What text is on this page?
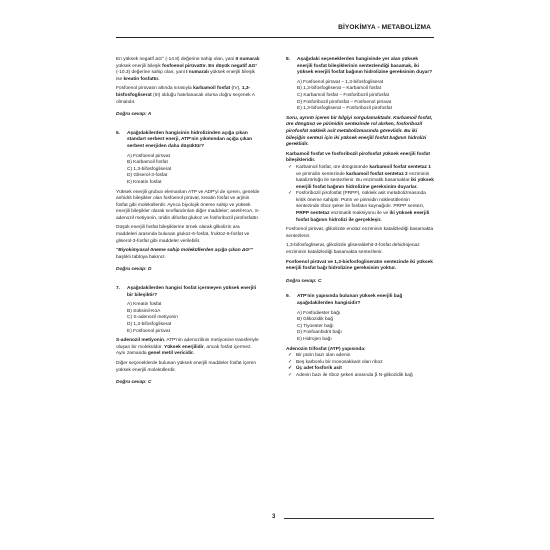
BİYOKİMYA - METABOLİZMA

En yüksek negatif ΔG° (-14.8) değerine sahip olan, yani II numaralı yüksek enerjili bileşik fosfoenol pirüvattır. En düşük negatif ΔG° (-10.3) değerine sahip olan, yani I numaralı yüksek enerjili bileşik ise kreatin fosfattır.

Fosfoenol pirüvatın altında sırasıyla karbamoil fosfat (IV), 1,3-bisfosfogliserat (III) olduğu hatırlanacak olursa doğru seçenek A olmalıdır.

Doğru cevap: A

6.	Aşağıdakilerden hangisinin hidrolizinden açığa çıkan standart serbest enerji, ATP'nin yıkımından açığa çıkan serbest enerjiden daha düşüktür?

A) Fosfoenol pirüvat

B) Karbamoil fosfat

C) 1,3-bifosfogliserat

D) Gliserol-3-fosfat

E) Kreatin fosfat

Yüksek enerjili grubun elemanları ATP ve ADP'yi de içeren, genelde anhidrit bileşikler olan fosfoenol pirüvat, kreatin fosfat ve arjinin fosfat gibi moleküllerdir. Ayrıca biyolojik öneme sahip ve yüksek enerjili bileşikler olarak sınıflandırılan diğer maddeler; asetil-KoA, S-adenozil metiyonin, üridin difosfat glukoz ve fosforibozil pirofosfattır.

Düşük enerjili fosfat bileşiklerine örnek olarak glikolizin ara maddeleri arasında bulunan glukoz-6-fosfat, fruktoz-6-fosfat ve gliserol-3-fosfat gibi maddeler verilebilir.

"Biyokimyasal öneme sahip moleküllerden açığa çıkan ΔG°" başlıklı tabloya bakınız.

Doğru cevap: D

7.	Aşağıdakilerden hangisi fosfat içermeyen yüksek enerjili bir bileşiktir?

A) Kreatin fosfat

B) Süksinil-KoA

C) S-adenozil metiyonin

D) 1,3-bifosfogliserat

E) Fosfoenol pirüvat

S-adenozil metiyonin, ATP'nin adenozilinin metiyonine transferiyle oluşan bir moleküldür. Yüksek enerjilidir, ancak fosfat içermez. Aynı zamanda genel metil vericidir.

Diğer seçeneklerde bulunan yüksek enerjili maddeler fosfat içeren yüksek enerjili moleküllerdir.

Doğru cevap: C

8.	Aşağıdaki seçeneklerden hangisinde yer alan yüksek enerjili fosfat bileşiklerinin sentezlendiği basamak, iki yüksek enerjili fosfat bağının hidrolizine gereksinim duyar?

A) Fosfoenol pirüvat – 1,3-bifosfogliserat

B) 1,3-bifosfogliserat – Karbamoil fosfat

C) Karbamoil fosfat – Fosforibozil pirofosfat

D) Fosforibozil pirofosfat – Fosfoenol pirüvat

E) 1,3-bifosfogliserat – Fosforibozil pirofosfat

Soru, ayrıntı içeren bir bilgiyi sorgulamaktadır. Karbamoil fosfat, üre döngüsü ve pirimidin sentezinde rol alırken, fosforibozil pirofosfat nükleik asit metabolizmasında görevlidir. Bu iki bileşiğin sentezi için iki yüksek enerjili fosfat bağının hidrolizi gereklidir.

Karbamoil fosfat ve fosforibozil pirofosfat yüksek enerjili fosfat bileşikleridir.

✓ Karbamoil fosfat, üre döngüsünde karbamoil fosfat sentetaz 1 ve pirimidin sentezinde karbamoil fosfat sentetaz 2 enziminin katalizörlüğü ile sentezlenir. Bu enzimatik basamaklar iki yüksek enerjili fosfat bağının hidrolizine gereksinim duyarlar.
✓ Fosforibozil pirofosfat (PRPP), nükleik asit metabolizmasında kritik öneme sahiptir. Pürin ve pirimidin nükleotitlerinin sentezinde riboz şeker ile fosfatın kaynağıdır. PRPP sentezi, PRPP sentetaz enzimatik reaksiyonu ile ve iki yüksek enerjili fosfat bağının hidrolizi ile gerçekleşir.

Fosfoenol pirüvat, glikolizde enolaz enziminin katalizlediği basamakta sentezlenir.

1,3-bifosfogliserat, glikolizde gliseraldehit-3-fosfat dehidrojenaz enziminin katalizlediği basamakta sentezlenir.

Fosfoenol pirüvat ve 1,3-bisfosfogliseratın sentezinde iki yüksek enerjili fosfat bağı hidrolizine gereksinim yoktur.

Doğru cevap: C

9.	ATP'nin yapısında bulunan yüksek enerjili bağ aşağıdakilerden hangisidir?

A) Fosfodiester bağı

B) Glikozidik bağ

C) Tiyoester bağı

D) Fosfoanhidrit bağı

E) Hidrojen bağı

Adenozin trifosfat (ATP) yapısında:

✓ Bir pürin bazı olan adenin
✓ Beş karbonlu bir monosakkarit olan riboz
✓ Üç adet fosforik asit
✓ Adenin bazı ile riboz şekeri arasında β N-glikozidik bağ
3
